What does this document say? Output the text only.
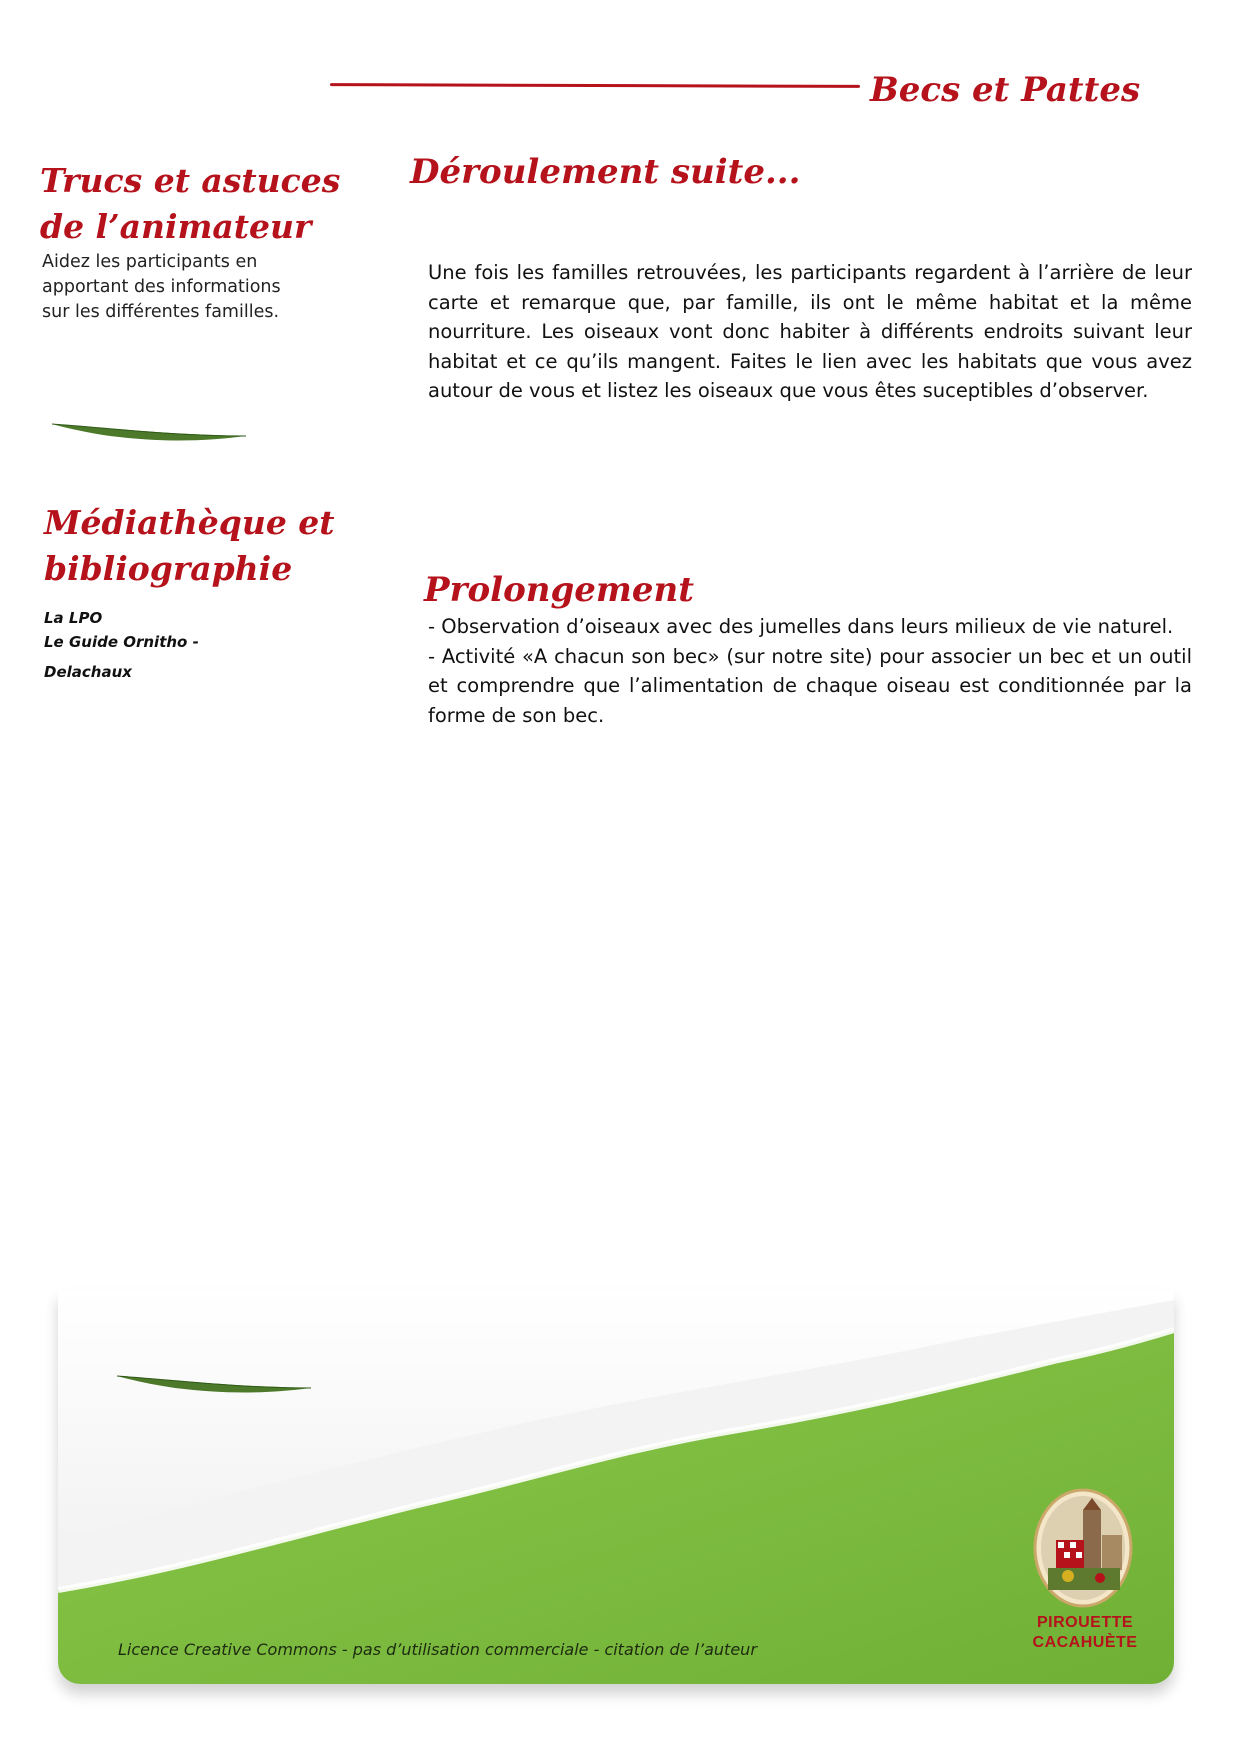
Becs et Pattes
Trucs et astuces
de l’animateur
Aidez les participants en apportant des informations sur les différentes familles.
Médiathèque et
bibliographie
La LPO
Le Guide Ornitho -
Delachaux
Déroulement suite...
Une fois les familles retrouvées, les participants regardent à l’arrière de leur carte et remarque que, par famille, ils ont le même habitat et la même nourriture. Les oiseaux vont donc habiter à différents endroits suivant leur habitat et ce qu’ils mangent. Faites le lien avec les habitats que vous avez autour de vous et listez les oiseaux que vous êtes suceptibles d’observer.
Prolongement
- Observation d’oiseaux avec des jumelles dans leurs milieux de vie naturel.
- Activité «A chacun son bec» (sur notre site) pour associer un bec et un outil et comprendre que l’alimentation de chaque oiseau est conditionnée par la forme de son bec.
PIROUETTE
CACAHUÈTE
Licence Creative Commons - pas d’utilisation commerciale - citation de l’auteur
